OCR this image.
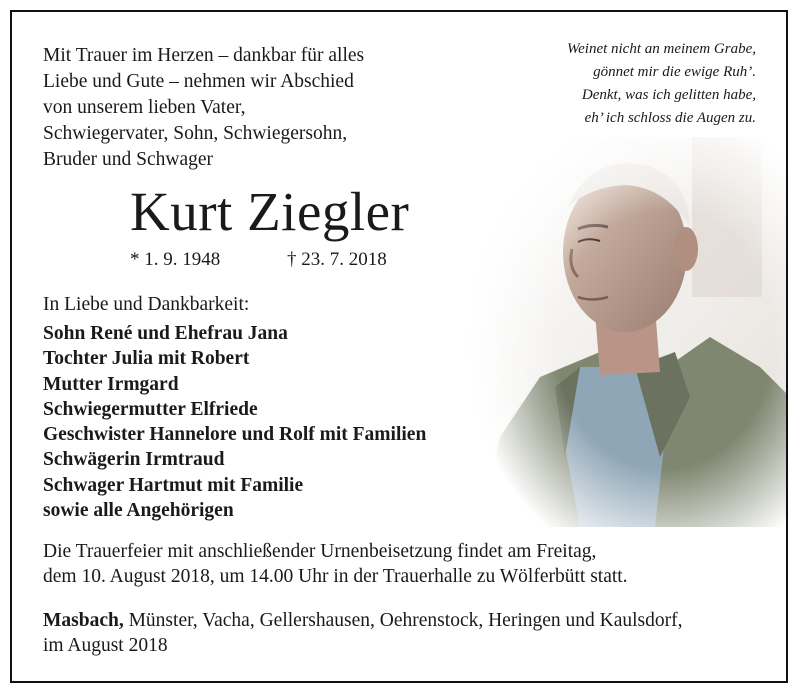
Mit Trauer im Herzen – dankbar für alles
Liebe und Gute – nehmen wir Abschied
von unserem lieben Vater,
Schwiegervater, Sohn, Schwiegersohn,
Bruder und Schwager
Weinet nicht an meinem Grabe,
gönnet mir die ewige Ruh’.
Denkt, was ich gelitten habe,
eh’ ich schloss die Augen zu.
Kurt Ziegler
* 1. 9. 1948	† 23. 7. 2018
In Liebe und Dankbarkeit:
Sohn René und Ehefrau Jana
Tochter Julia mit Robert
Mutter Irmgard
Schwiegermutter Elfriede
Geschwister Hannelore und Rolf mit Familien
Schwägerin Irmtraud
Schwager Hartmut mit Familie
sowie alle Angehörigen
Die Trauerfeier mit anschließender Urnenbeisetzung findet am Freitag,
dem 10. August 2018, um 14.00 Uhr in der Trauerhalle zu Wölferbütt statt.
Masbach, Münster, Vacha, Gellershausen, Oehrenstock, Heringen und Kaulsdorf,
im August 2018
